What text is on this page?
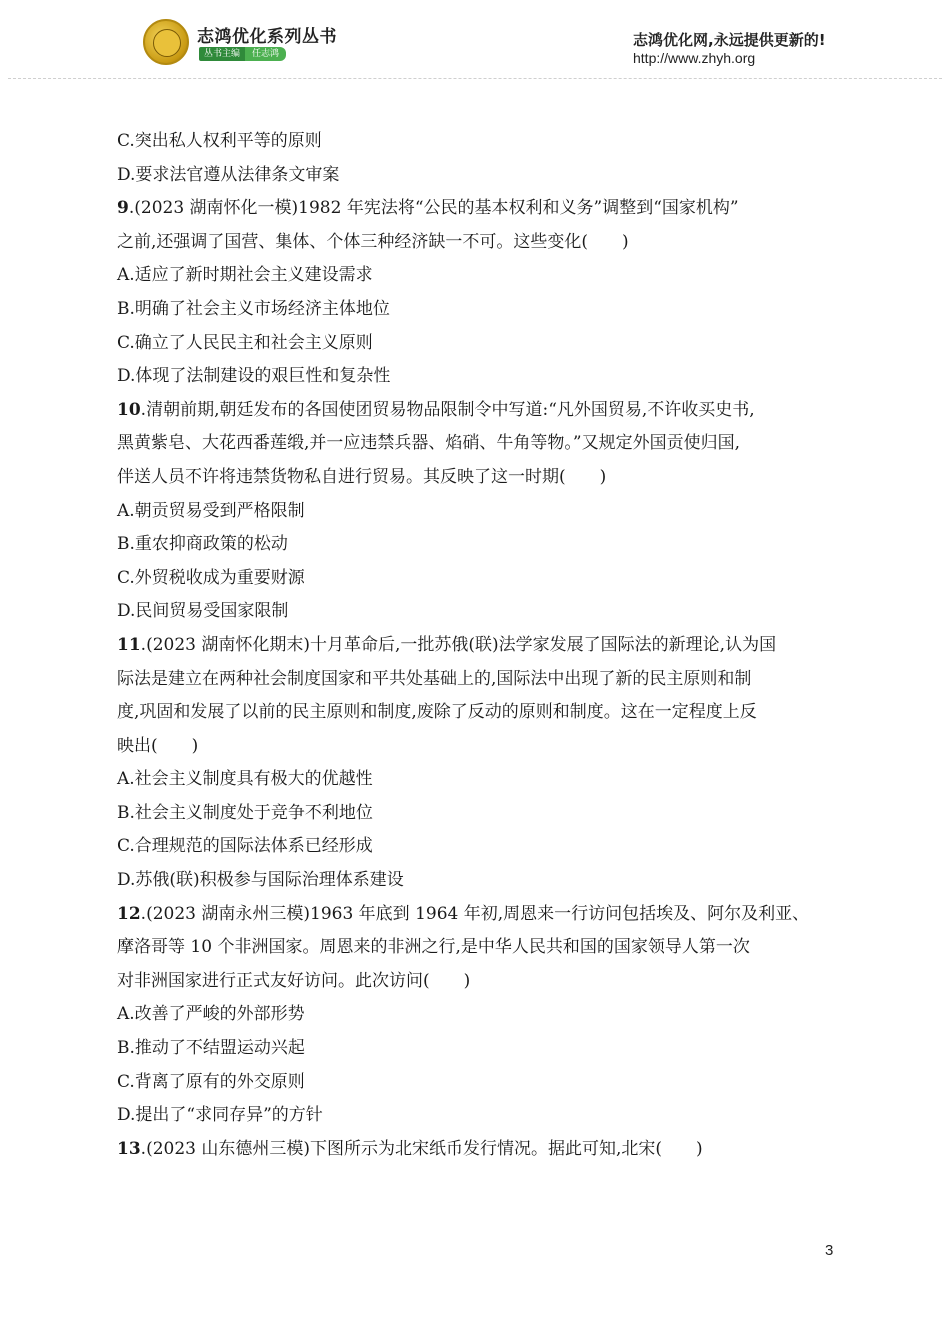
志鸿优化系列丛书
丛书主编	任志鸿
志鸿优化网,永远提供更新的!
http://www.zhyh.org

C.突出私人权利平等的原则

D.要求法官遵从法律条文审案

9.(2023 湖南怀化一模)1982 年宪法将“公民的基本权利和义务”调整到“国家机构”

之前,还强调了国营、集体、个体三种经济缺一不可。这些变化(　　)

A.适应了新时期社会主义建设需求

B.明确了社会主义市场经济主体地位

C.确立了人民民主和社会主义原则

D.体现了法制建设的艰巨性和复杂性

10.清朝前期,朝廷发布的各国使团贸易物品限制令中写道:“凡外国贸易,不许收买史书,

黑黄紫皂、大花西番莲缎,并一应违禁兵器、焰硝、牛角等物。”又规定外国贡使归国,

伴送人员不许将违禁货物私自进行贸易。其反映了这一时期(　　)

A.朝贡贸易受到严格限制

B.重农抑商政策的松动

C.外贸税收成为重要财源

D.民间贸易受国家限制

11.(2023 湖南怀化期末)十月革命后,一批苏俄(联)法学家发展了国际法的新理论,认为国

际法是建立在两种社会制度国家和平共处基础上的,国际法中出现了新的民主原则和制

度,巩固和发展了以前的民主原则和制度,废除了反动的原则和制度。这在一定程度上反

映出(　　)

A.社会主义制度具有极大的优越性

B.社会主义制度处于竞争不利地位

C.合理规范的国际法体系已经形成

D.苏俄(联)积极参与国际治理体系建设

12.(2023 湖南永州三模)1963 年底到 1964 年初,周恩来一行访问包括埃及、阿尔及利亚、

摩洛哥等 10 个非洲国家。周恩来的非洲之行,是中华人民共和国的国家领导人第一次

对非洲国家进行正式友好访问。此次访问(　　)

A.改善了严峻的外部形势

B.推动了不结盟运动兴起

C.背离了原有的外交原则

D.提出了“求同存异”的方针

13.(2023 山东德州三模)下图所示为北宋纸币发行情况。据此可知,北宋(　　)

3
